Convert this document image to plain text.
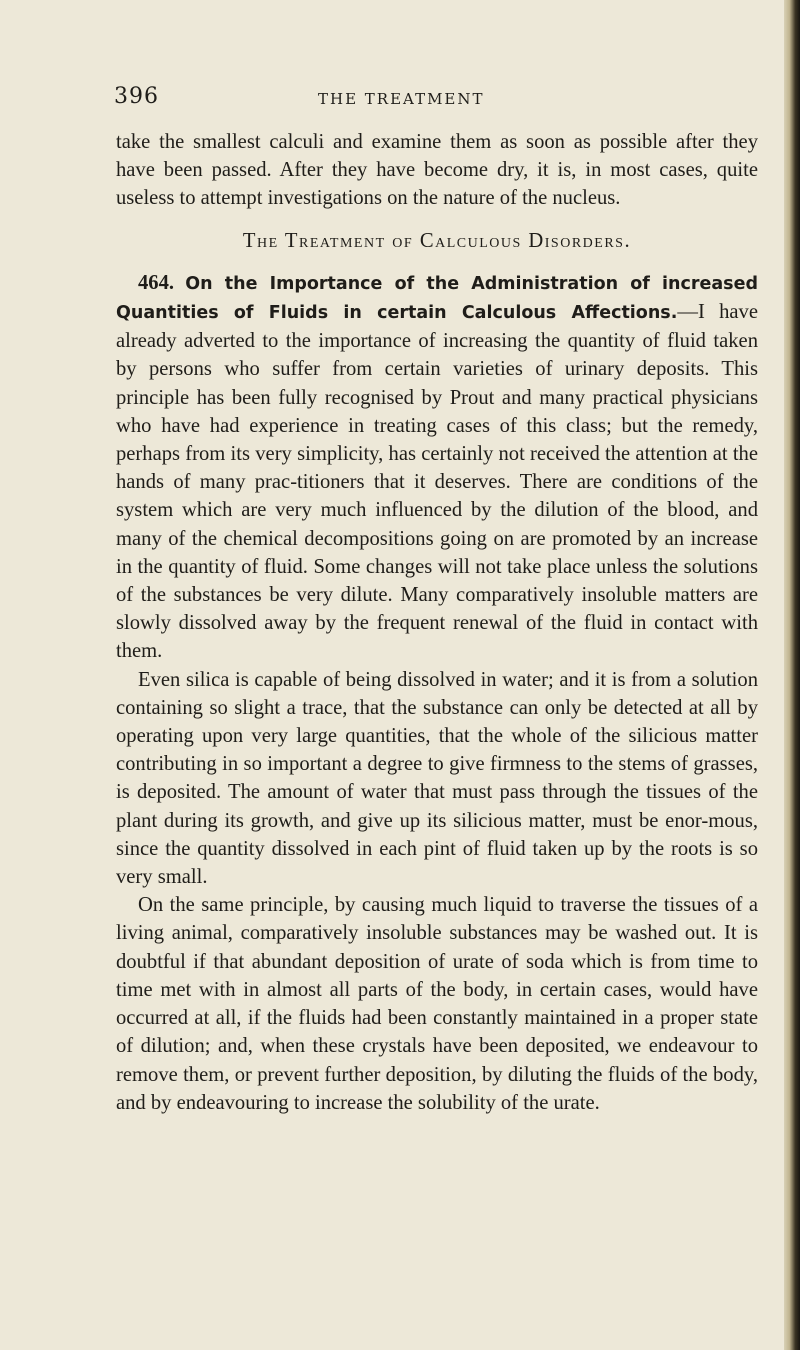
396	THE TREATMENT

take the smallest calculi and examine them as soon as possible after they have been passed. After they have become dry, it is, in most cases, quite useless to attempt investigations on the nature of the nucleus.

The Treatment of Calculous Disorders.

464. On the Importance of the Administration of increased Quantities of Fluids in certain Calculous Affections.—I have already adverted to the importance of increasing the quantity of fluid taken by persons who suffer from certain varieties of urinary deposits. This principle has been fully recognised by Prout and many practical physicians who have had experience in treating cases of this class; but the remedy, perhaps from its very simplicity, has certainly not received the attention at the hands of many prac-titioners that it deserves. There are conditions of the system which are very much influenced by the dilution of the blood, and many of the chemical decompositions going on are promoted by an increase in the quantity of fluid. Some changes will not take place unless the solutions of the substances be very dilute. Many comparatively insoluble matters are slowly dissolved away by the frequent renewal of the fluid in contact with them.

Even silica is capable of being dissolved in water; and it is from a solution containing so slight a trace, that the substance can only be detected at all by operating upon very large quantities, that the whole of the silicious matter contributing in so important a degree to give firmness to the stems of grasses, is deposited. The amount of water that must pass through the tissues of the plant during its growth, and give up its silicious matter, must be enor-mous, since the quantity dissolved in each pint of fluid taken up by the roots is so very small.

On the same principle, by causing much liquid to traverse the tissues of a living animal, comparatively insoluble substances may be washed out. It is doubtful if that abundant deposition of urate of soda which is from time to time met with in almost all parts of the body, in certain cases, would have occurred at all, if the fluids had been constantly maintained in a proper state of dilution; and, when these crystals have been deposited, we endeavour to remove them, or prevent further deposition, by diluting the fluids of the body, and by endeavouring to increase the solubility of the urate.
